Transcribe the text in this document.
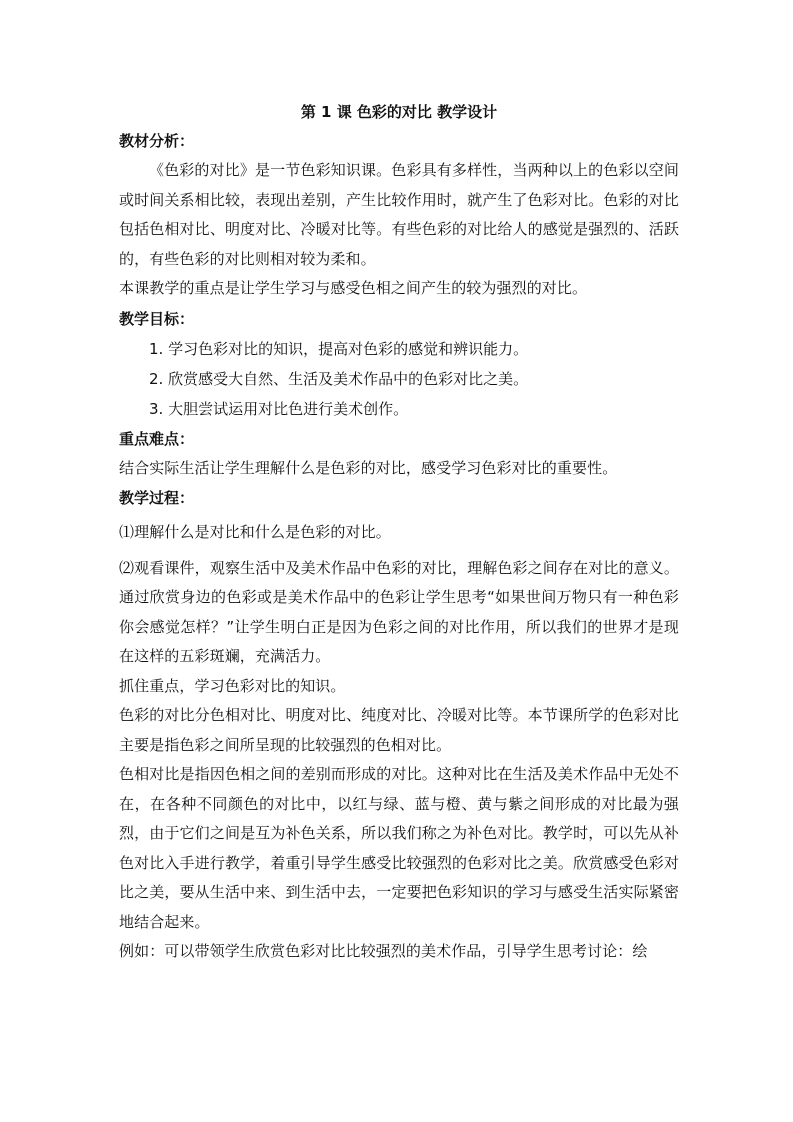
第 1 课 色彩的对比 教学设计

教材分析：

《色彩的对比》是一节色彩知识课。色彩具有多样性，当两种以上的色彩以空间或时间关系相比较，表现出差别，产生比较作用时，就产生了色彩对比。色彩的对比包括色相对比、明度对比、冷暖对比等。有些色彩的对比给人的感觉是强烈的、活跃的，有些色彩的对比则相对较为柔和。

本课教学的重点是让学生学习与感受色相之间产生的较为强烈的对比。

教学目标：

1. 学习色彩对比的知识，提高对色彩的感觉和辨识能力。
2. 欣赏感受大自然、生活及美术作品中的色彩对比之美。
3. 大胆尝试运用对比色进行美术创作。

重点难点：

结合实际生活让学生理解什么是色彩的对比，感受学习色彩对比的重要性。

教学过程：

⑴理解什么是对比和什么是色彩的对比。

⑵观看课件，观察生活中及美术作品中色彩的对比，理解色彩之间存在对比的意义。通过欣赏身边的色彩或是美术作品中的色彩让学生思考“如果世间万物只有一种色彩你会感觉怎样？”让学生明白正是因为色彩之间的对比作用，所以我们的世界才是现在这样的五彩斑斓，充满活力。

抓住重点，学习色彩对比的知识。

色彩的对比分色相对比、明度对比、纯度对比、冷暖对比等。本节课所学的色彩对比主要是指色彩之间所呈现的比较强烈的色相对比。

色相对比是指因色相之间的差别而形成的对比。这种对比在生活及美术作品中无处不在，在各种不同颜色的对比中，以红与绿、蓝与橙、黄与紫之间形成的对比最为强烈，由于它们之间是互为补色关系，所以我们称之为补色对比。教学时，可以先从补色对比入手进行教学，着重引导学生感受比较强烈的色彩对比之美。欣赏感受色彩对比之美，要从生活中来、到生活中去，一定要把色彩知识的学习与感受生活实际紧密地结合起来。

例如：可以带领学生欣赏色彩对比比较强烈的美术作品，引导学生思考讨论：绘
